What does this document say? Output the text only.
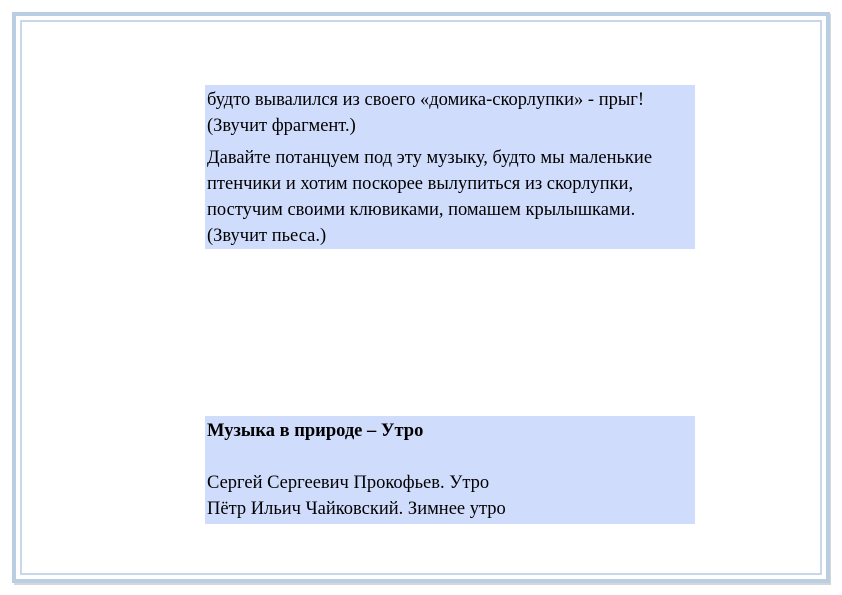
будто вывалился из своего «домика-скорлупки» - прыг! (Звучит фрагмент.)

Давайте потанцуем под эту музыку, будто мы маленькие птенчики и хотим поскорее вылупиться из скорлупки, постучим своими клювиками, помашем крылышками. (Звучит пьеса.)

Музыка в природе – Утро

Сергей Сергеевич Прокофьев. Утро

Пётр Ильич Чайковский. Зимнее утро
